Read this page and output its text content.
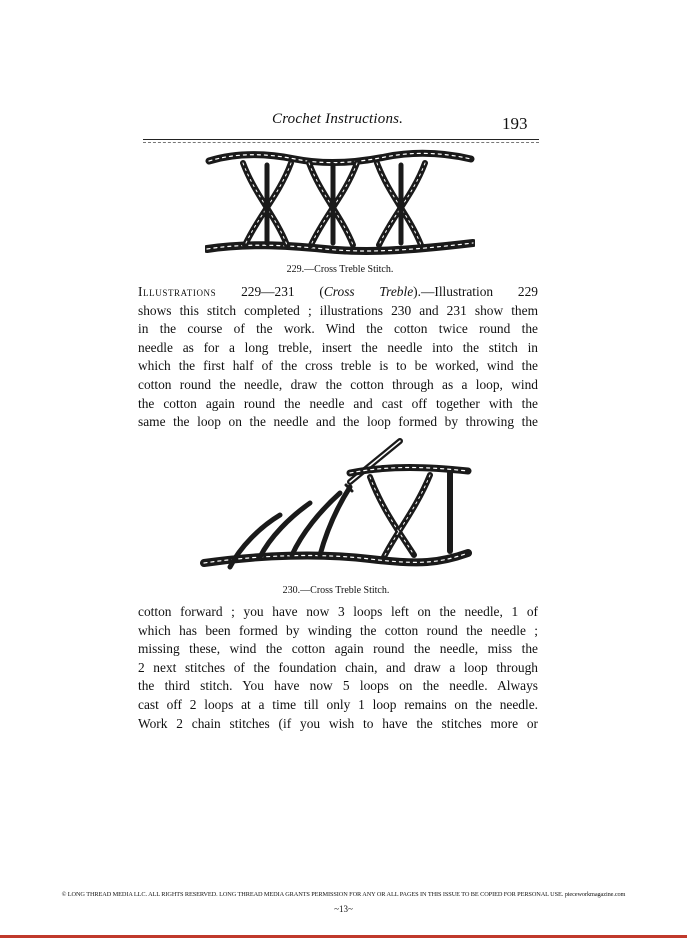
Crochet Instructions.	193
229.—Cross Treble Stitch.
Illustrations 229—231 (Cross Treble).—Illustration 229
shows this stitch completed ; illustrations 230 and 231 show them
in the course of the work. Wind the cotton twice round the
needle as for a long treble, insert the needle into the stitch in
which the first half of the cross treble is to be worked, wind the
cotton round the needle, draw the cotton through as a loop, wind
the cotton again round the needle and cast off together with the
same the loop on the needle and the loop formed by throwing the
230.—Cross Treble Stitch.
cotton forward ; you have now 3 loops left on the needle, 1 of
which has been formed by winding the cotton round the needle ;
missing these, wind the cotton again round the needle, miss the
2 next stitches of the foundation chain, and draw a loop through
the third stitch. You have now 5 loops on the needle. Always
cast off 2 loops at a time till only 1 loop remains on the needle.
Work 2 chain stitches (if you wish to have the stitches more or
© LONG THREAD MEDIA LLC. ALL RIGHTS RESERVED. LONG THREAD MEDIA GRANTS PERMISSION FOR ANY OR ALL PAGES IN THIS ISSUE TO BE COPIED FOR PERSONAL USE. pieceworkmagazine.com
~13~
